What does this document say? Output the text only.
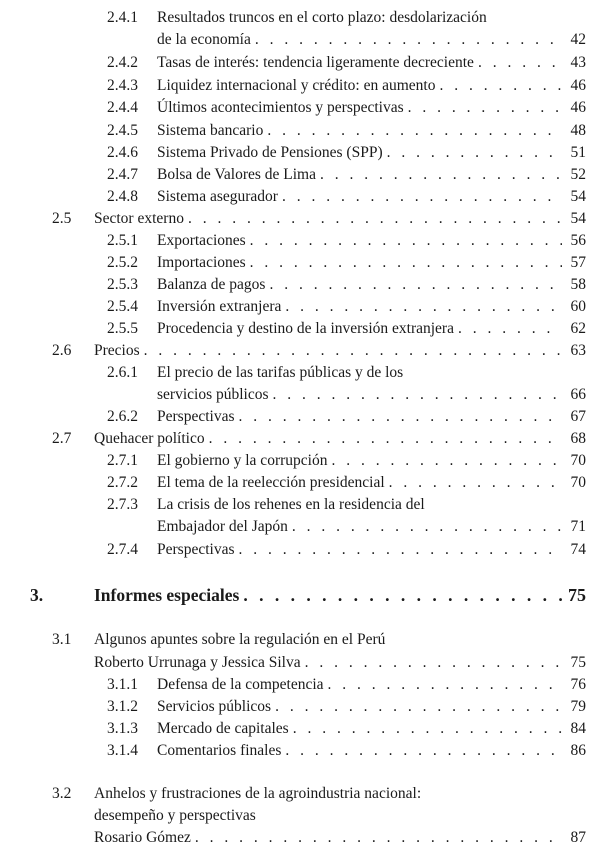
2.4.1 Resultados truncos en el corto plazo: desdolarización
de la economía . . .	42
2.4.2 Tasas de interés: tendencia ligeramente decreciente . . .	43
2.4.3 Liquidez internacional y crédito: en aumento . . .	46
2.4.4 Últimos acontecimientos y perspectivas . . .	46
2.4.5 Sistema bancario . . .	48
2.4.6 Sistema Privado de Pensiones (SPP) . . .	51
2.4.7 Bolsa de Valores de Lima . . .	52
2.4.8 Sistema asegurador . . .	54
2.5 Sector externo . . .	54
2.5.1 Exportaciones . . .	56
2.5.2 Importaciones . . .	57
2.5.3 Balanza de pagos . . .	58
2.5.4 Inversión extranjera . . .	60
2.5.5 Procedencia y destino de la inversión extranjera . . .	62
2.6 Precios . . .	63
2.6.1 El precio de las tarifas públicas y de los
servicios públicos . . .	66
2.6.2 Perspectivas . . .	67
2.7 Quehacer político . . .	68
2.7.1 El gobierno y la corrupción . . .	70
2.7.2 El tema de la reelección presidencial . . .	70
2.7.3 La crisis de los rehenes en la residencia del
Embajador del Japón . . .	71
2.7.4 Perspectivas . . .	74
3.	Informes especiales . . .	75
3.1 Algunos apuntes sobre la regulación en el Perú
Roberto Urrunaga y Jessica Silva . . .	75
3.1.1 Defensa de la competencia . . .	76
3.1.2 Servicios públicos . . .	79
3.1.3 Mercado de capitales . . .	84
3.1.4 Comentarios finales . . .	86
3.2 Anhelos y frustraciones de la agroindustria nacional:
desempeño y perspectivas
Rosario Gómez . . .	87
